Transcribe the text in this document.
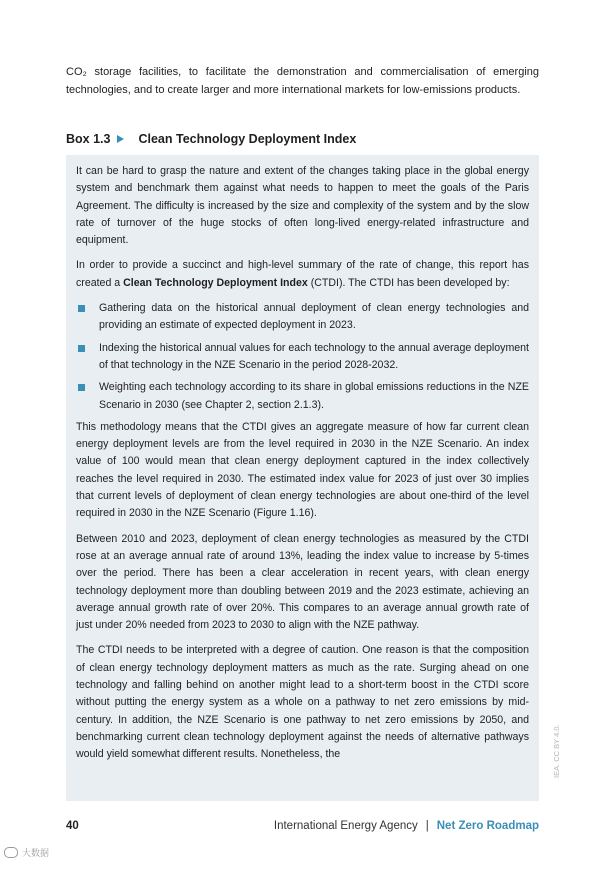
CO₂ storage facilities, to facilitate the demonstration and commercialisation of emerging technologies, and to create larger and more international markets for low-emissions products.
Box 1.3 Clean Technology Deployment Index

It can be hard to grasp the nature and extent of the changes taking place in the global energy system and benchmark them against what needs to happen to meet the goals of the Paris Agreement. The difficulty is increased by the size and complexity of the system and by the slow rate of turnover of the huge stocks of often long-lived energy-related infrastructure and equipment.

In order to provide a succinct and high-level summary of the rate of change, this report has created a Clean Technology Deployment Index (CTDI). The CTDI has been developed by:

Gathering data on the historical annual deployment of clean energy technologies and providing an estimate of expected deployment in 2023.
Indexing the historical annual values for each technology to the annual average deployment of that technology in the NZE Scenario in the period 2028-2032.
Weighting each technology according to its share in global emissions reductions in the NZE Scenario in 2030 (see Chapter 2, section 2.1.3).

This methodology means that the CTDI gives an aggregate measure of how far current clean energy deployment levels are from the level required in 2030 in the NZE Scenario. An index value of 100 would mean that clean energy deployment captured in the index collectively reaches the level required in 2030. The estimated index value for 2023 of just over 30 implies that current levels of deployment of clean energy technologies are about one-third of the level required in 2030 in the NZE Scenario (Figure 1.16).

Between 2010 and 2023, deployment of clean energy technologies as measured by the CTDI rose at an average annual rate of around 13%, leading the index value to increase by 5-times over the period. There has been a clear acceleration in recent years, with clean energy technology deployment more than doubling between 2019 and the 2023 estimate, achieving an average annual growth rate of over 20%. This compares to an average annual growth rate of just under 20% needed from 2023 to 2030 to align with the NZE pathway.

The CTDI needs to be interpreted with a degree of caution. One reason is that the composition of clean energy technology deployment matters as much as the rate. Surging ahead on one technology and falling behind on another might lead to a short-term boost in the CTDI score without putting the energy system as a whole on a pathway to net zero emissions by mid-century. In addition, the NZE Scenario is one pathway to net zero emissions by 2050, and benchmarking current clean technology deployment against the needs of alternative pathways would yield somewhat different results. Nonetheless, the

40	International Energy Agency | Net Zero Roadmap
IEA. CC BY 4.0.
大数据
